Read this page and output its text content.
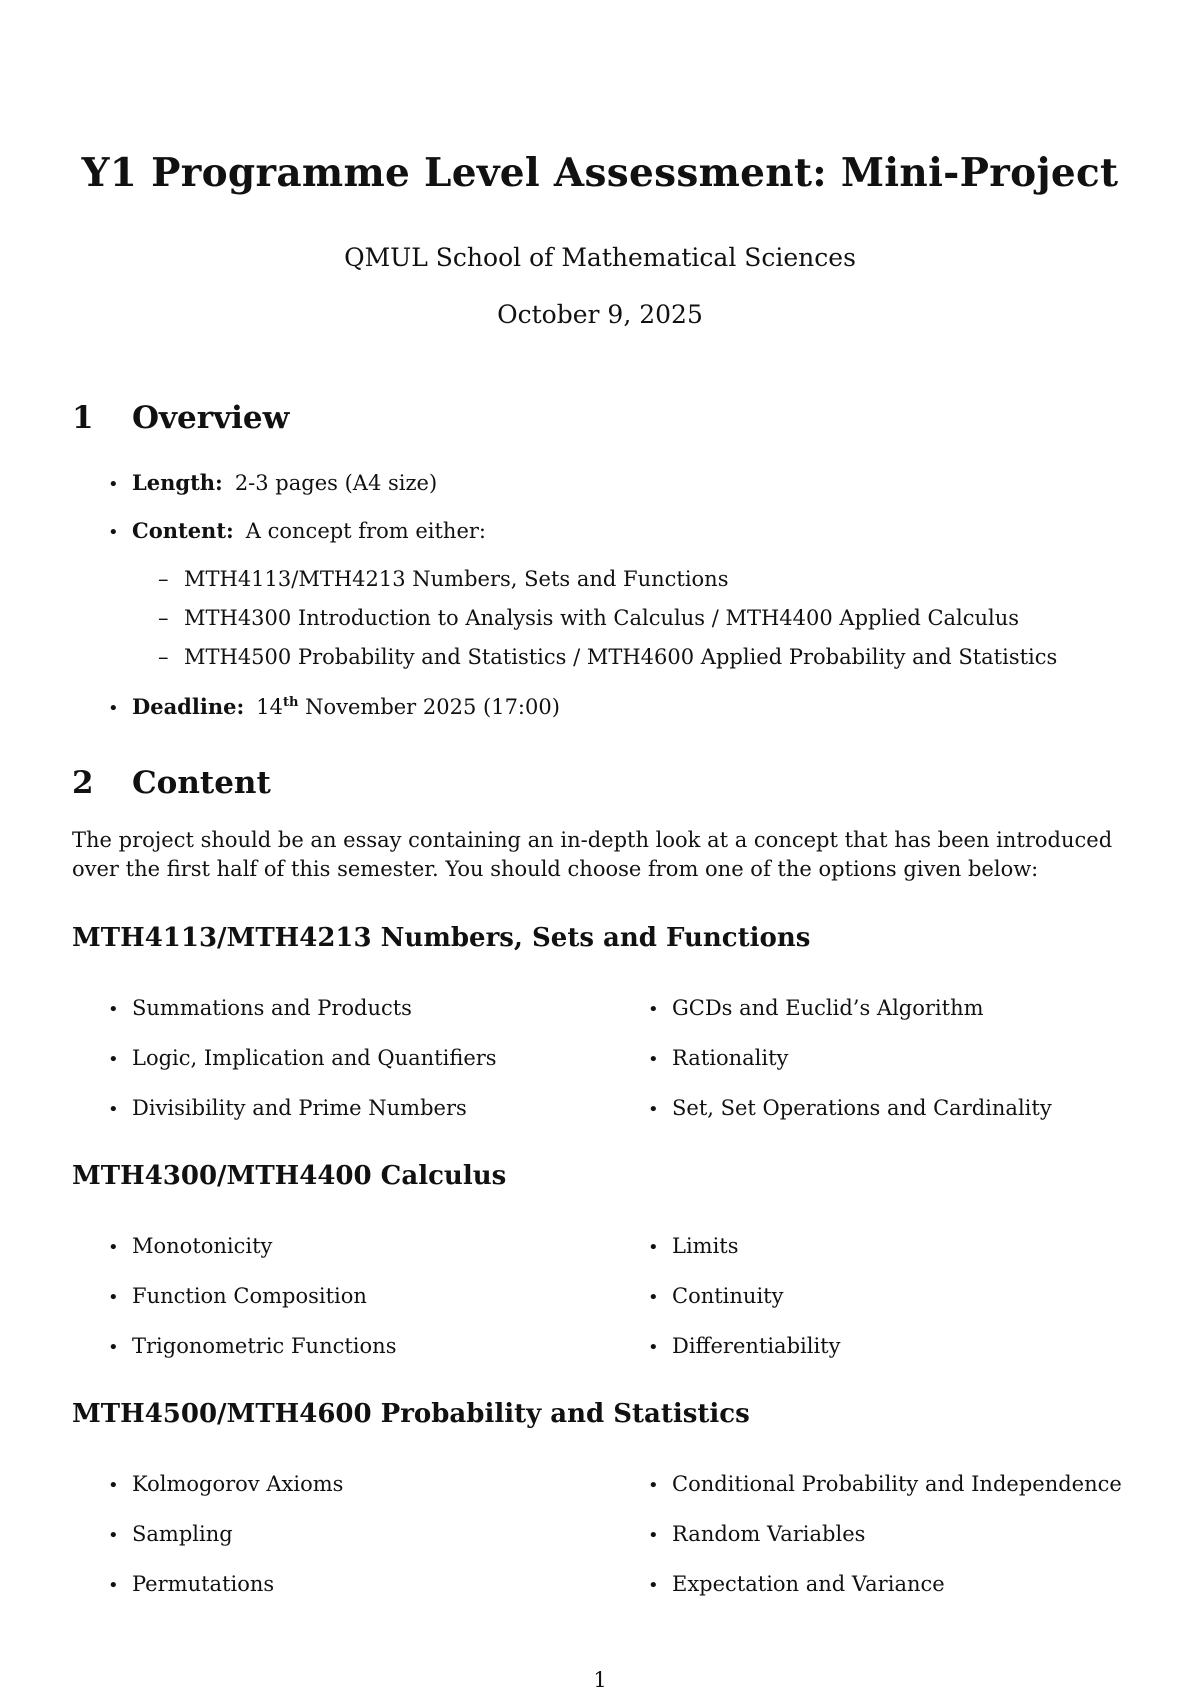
Y1 Programme Level Assessment: Mini-Project
QMUL School of Mathematical Sciences
October 9, 2025
1 Overview
• Length: 2-3 pages (A4 size)
• Content: A concept from either:
– MTH4113/MTH4213 Numbers, Sets and Functions
– MTH4300 Introduction to Analysis with Calculus / MTH4400 Applied Calculus
– MTH4500 Probability and Statistics / MTH4600 Applied Probability and Statistics
• Deadline: 14th November 2025 (17:00)
2 Content
The project should be an essay containing an in-depth look at a concept that has been introduced over the first half of this semester. You should choose from one of the options given below:
MTH4113/MTH4213 Numbers, Sets and Functions
• Summations and Products	• GCDs and Euclid’s Algorithm
• Logic, Implication and Quantifiers	• Rationality
• Divisibility and Prime Numbers	• Set, Set Operations and Cardinality
MTH4300/MTH4400 Calculus
• Monotonicity	• Limits
• Function Composition	• Continuity
• Trigonometric Functions	• Differentiability
MTH4500/MTH4600 Probability and Statistics
• Kolmogorov Axioms	• Conditional Probability and Independence
• Sampling	• Random Variables
• Permutations	• Expectation and Variance
1
